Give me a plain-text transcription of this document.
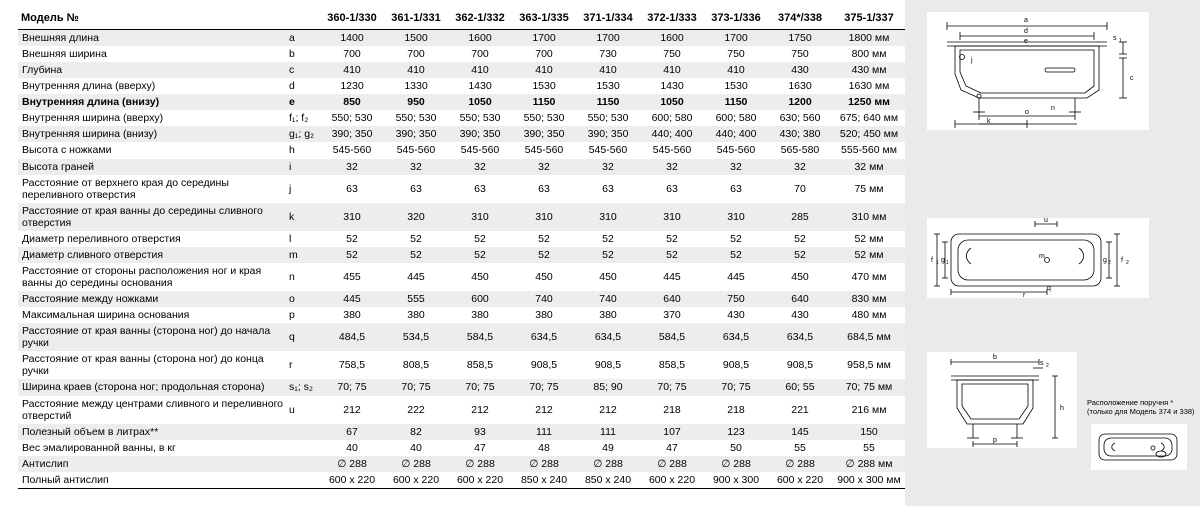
Модель №		360-1/330	361-1/331	362-1/332	363-1/335	371-1/334	372-1/333	373-1/336	374*/338	375-1/337
Внешняя длина	a	1400	1500	1600	1700	1700	1600	1700	1750	1800 мм
Внешняя ширина	b	700	700	700	700	730	750	750	750	800 мм
Глубина	c	410	410	410	410	410	410	410	430	430 мм
Внутренняя длина (вверху)	d	1230	1330	1430	1530	1530	1430	1530	1630	1630 мм
Внутренняя длина (внизу)	e	850	950	1050	1150	1150	1050	1150	1200	1250 мм
Внутренняя ширина (вверху)	f₁; f₂	550; 530	550; 530	550; 530	550; 530	550; 530	600; 580	600; 580	630; 560	675; 640 мм
Внутренняя ширина (внизу)	g₁; g₂	390; 350	390; 350	390; 350	390; 350	390; 350	440; 400	440; 400	430; 380	520; 450 мм
Высота с ножками	h	545-560	545-560	545-560	545-560	545-560	545-560	545-560	565-580	555-560 мм
Высота граней	i	32	32	32	32	32	32	32	32	32 мм
Расстояние от верхнего края до середины переливного отверстия	j	63	63	63	63	63	63	63	70	75 мм
Расстояние от края ванны до середины сливного отверстия	k	310	320	310	310	310	310	310	285	310 мм
Диаметр переливного отверстия	l	52	52	52	52	52	52	52	52	52 мм
Диаметр сливного отверстия	m	52	52	52	52	52	52	52	52	52 мм
Расстояние от стороны расположения ног и края ванны до середины основания	n	455	445	450	450	450	445	445	450	470 мм
Расстояние между ножками	o	445	555	600	740	740	640	750	640	830 мм
Максимальная ширина основания	p	380	380	380	380	380	370	430	430	480 мм
Расстояние от края ванны (сторона ног) до начала ручки	q	484,5	534,5	584,5	634,5	634,5	584,5	634,5	634,5	684,5 мм
Расстояние от края ванны (сторона ног) до конца ручки	r	758,5	808,5	858,5	908,5	908,5	858,5	908,5	908,5	958,5 мм
Ширина краев (сторона ног; продольная сторона)	s₁; s₂	70; 75	70; 75	70; 75	70; 75	85; 90	70; 75	70; 75	60; 55	70; 75 мм
Расстояние между центрами сливного и переливного отверстий	u	212	222	212	212	212	218	218	221	216 мм
Полезный объем в литрах**		67	82	93	111	111	107	123	145	150
Вес эмалированной ванны, в кг		40	40	47	48	49	47	50	55	55
Антислип		∅ 288	∅ 288	∅ 288	∅ 288	∅ 288	∅ 288	∅ 288	∅ 288	∅ 288 мм
Полный антислип		600 x 220	600 x 220	600 x 220	850 x 240	850 x 240	600 x 220	900 x 300	600 x 220	900 x 300 мм
a
d
e	s 1
c
j
o
k
n
u
f 1 g 1	f 2
g 2
m
q
r
b
s 2
h
p
Расположение поручня * (только для Модель 374 и 338)
